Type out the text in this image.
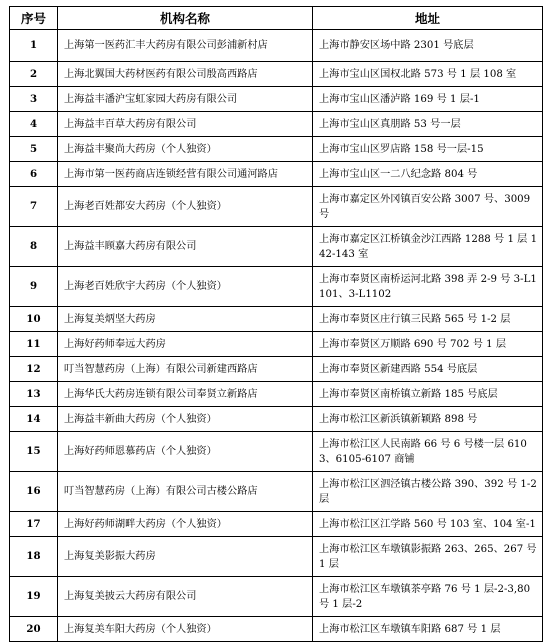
序号	机构名称	地址
1	上海第一医药汇丰大药房有限公司彭浦新村店	上海市静安区场中路 2301 号底层
2	上海北翼国大药材医药有限公司殷高西路店	上海市宝山区国权北路 573 号 1 层 108 室
3	上海益丰潘沪宝虹家园大药房有限公司	上海市宝山区潘泸路 169 号 1 层-1
4	上海益丰百草大药房有限公司	上海市宝山区真朋路 53 号一层
5	上海益丰聚尚大药房（个人独资）	上海市宝山区罗店路 158 号一层-15
6	上海市第一医药商店连锁经营有限公司通河路店	上海市宝山区一二八纪念路 804 号
7	上海老百姓都安大药房（个人独资）	上海市嘉定区外冈镇百安公路 3007 号、3009 号
8	上海益丰顾嘉大药房有限公司	上海市嘉定区江桥镇金沙江西路 1288 号 1 层 142-143 室
9	上海老百姓欣宇大药房（个人独资）	上海市奉贤区南桥运河北路 398 弄 2-9 号 3-L1101、3-L1102
10	上海复美炳坚大药房	上海市奉贤区庄行镇三民路 565 号 1-2 层
11	上海好药师奉远大药房	上海市奉贤区万顺路 690 号 702 号 1 层
12	叮当智慧药房（上海）有限公司新建西路店	上海市奉贤区新建西路 554 号底层
13	上海华氏大药房连锁有限公司奉贤立新路店	上海市奉贤区南桥镇立新路 185 号底层
14	上海益丰新曲大药房（个人独资）	上海市松江区新浜镇新颖路 898 号
15	上海好药师恩慕药店（个人独资）	上海市松江区人民南路 66 号 6 号楼一层 6103、6105-6107 商铺
16	叮当智慧药房（上海）有限公司古楼公路店	上海市松江区泗泾镇古楼公路 390、392 号 1-2 层
17	上海好药师湖畔大药房（个人独资）	上海市松江区江学路 560 号 103 室、104 室-1
18	上海复美影振大药房	上海市松江区车墩镇影振路 263、265、267 号 1 层
19	上海复美披云大药房有限公司	上海市松江区车墩镇茶亭路 76 号 1 层-2-3,80 号 1 层-2
20	上海复美车阳大药房（个人独资）	上海市松江区车墩镇车阳路 687 号 1 层
